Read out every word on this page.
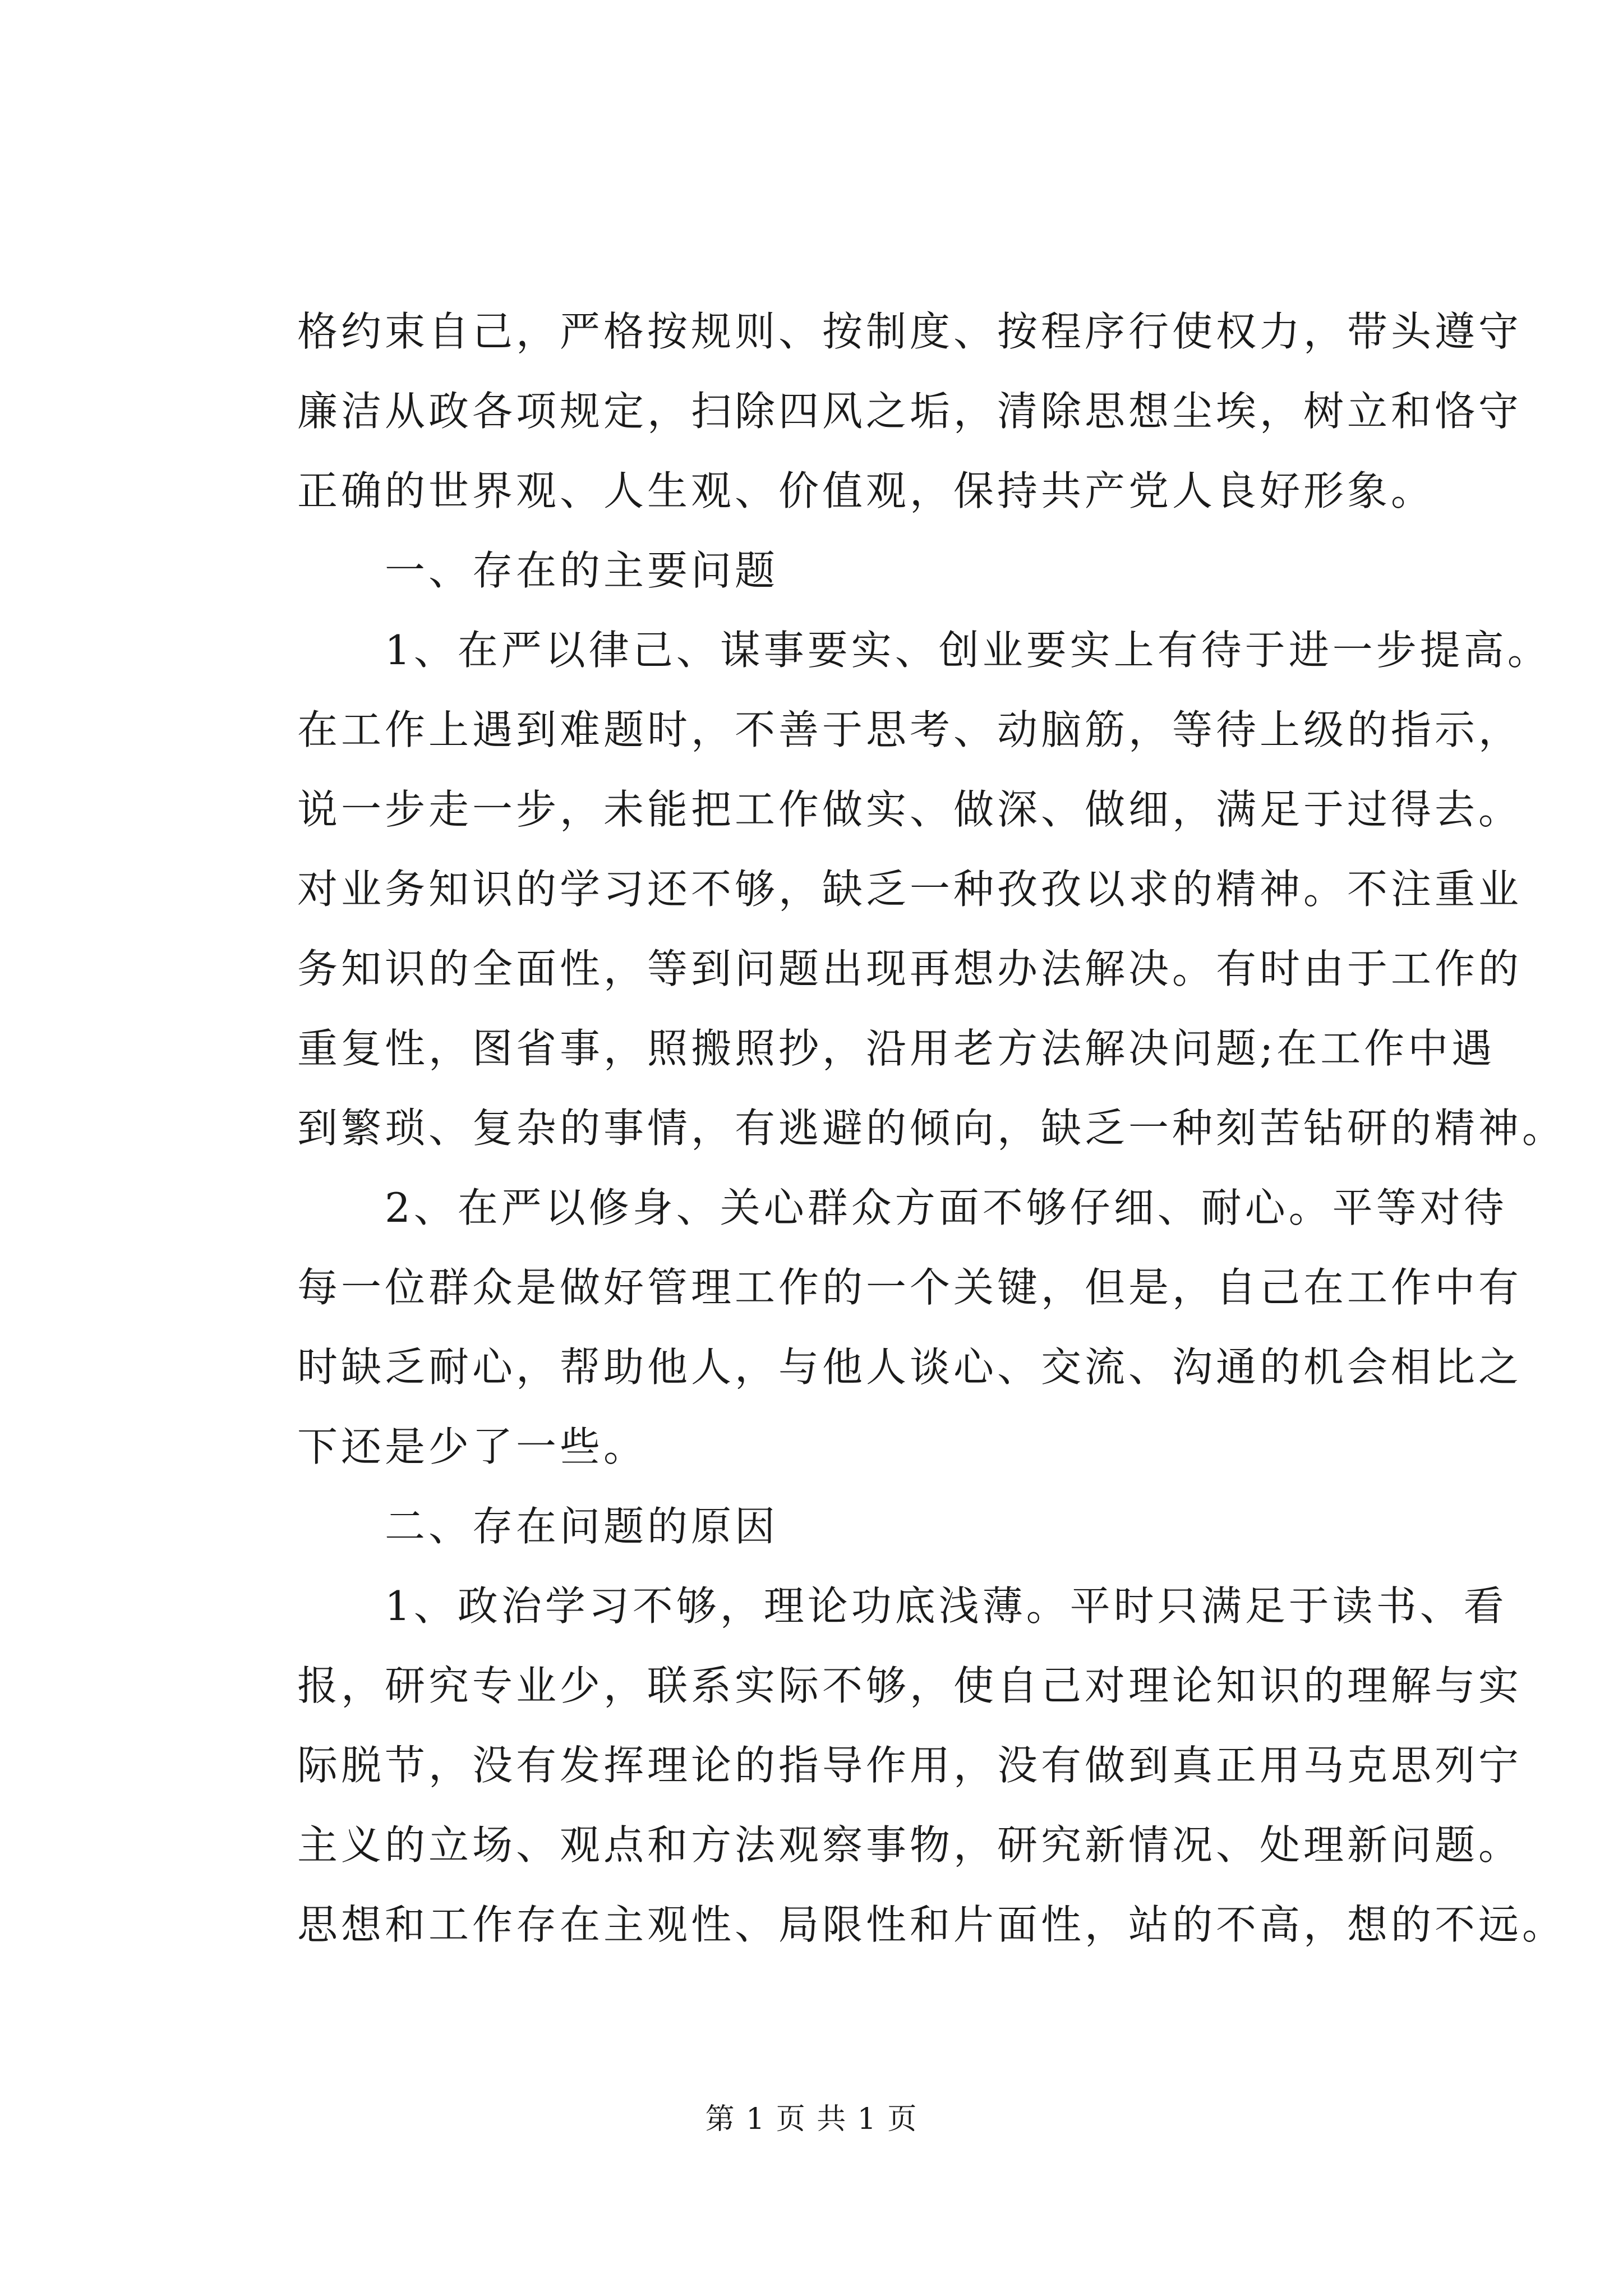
格约束自己，严格按规则、按制度、按程序行使权力，带头遵守
廉洁从政各项规定，扫除四风之垢，清除思想尘埃，树立和恪守
正确的世界观、人生观、价值观，保持共产党人良好形象。
　　一、存在的主要问题
　　1、在严以律己、谋事要实、创业要实上有待于进一步提高。
在工作上遇到难题时，不善于思考、动脑筋，等待上级的指示，
说一步走一步，未能把工作做实、做深、做细，满足于过得去。
对业务知识的学习还不够，缺乏一种孜孜以求的精神。不注重业
务知识的全面性，等到问题出现再想办法解决。有时由于工作的
重复性，图省事，照搬照抄，沿用老方法解决问题;在工作中遇
到繁琐、复杂的事情，有逃避的倾向，缺乏一种刻苦钻研的精神。
　　2、在严以修身、关心群众方面不够仔细、耐心。平等对待
每一位群众是做好管理工作的一个关键，但是，自己在工作中有
时缺乏耐心，帮助他人，与他人谈心、交流、沟通的机会相比之
下还是少了一些。
　　二、存在问题的原因
　　1、政治学习不够，理论功底浅薄。平时只满足于读书、看
报，研究专业少，联系实际不够，使自己对理论知识的理解与实
际脱节，没有发挥理论的指导作用，没有做到真正用马克思列宁
主义的立场、观点和方法观察事物，研究新情况、处理新问题。
思想和工作存在主观性、局限性和片面性，站的不高，想的不远。
第 1 页 共 1 页
